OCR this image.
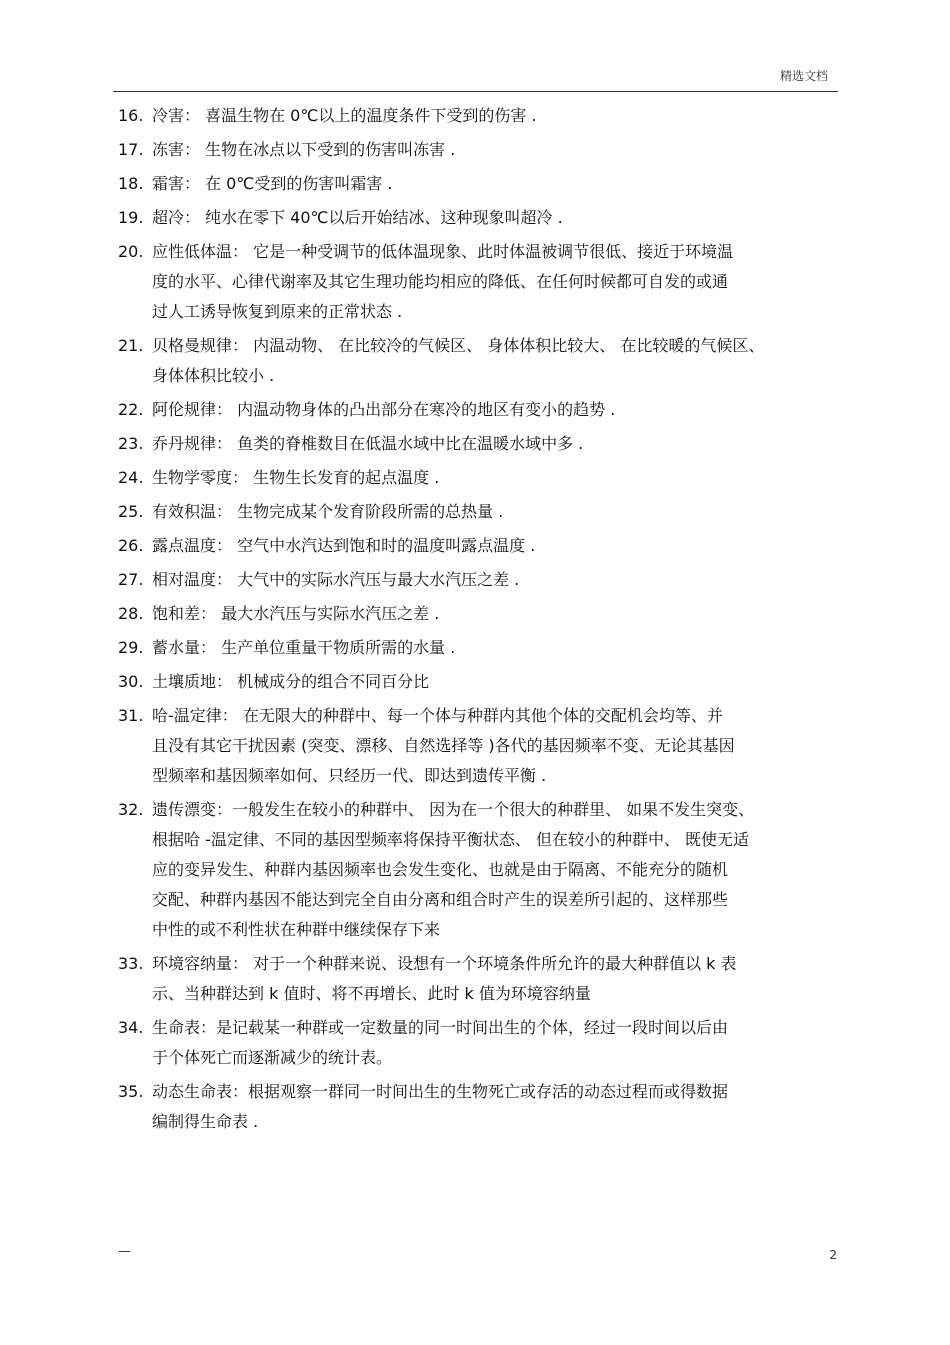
精选文档
16. 冷害： 喜温生物在 0℃以上的温度条件下受到的伤害 .
17. 冻害： 生物在冰点以下受到的伤害叫冻害 .
18. 霜害： 在 0℃受到的伤害叫霜害 .
19. 超冷： 纯水在零下 40℃以后开始结冰、这种现象叫超冷 .
20. 应性低体温： 它是一种受调节的低体温现象、此时体温被调节很低、接近于环境温
度的水平、心律代谢率及其它生理功能均相应的降低、在任何时候都可自发的或通
过人工诱导恢复到原来的正常状态 .
21. 贝格曼规律： 内温动物、 在比较冷的气候区、 身体体积比较大、 在比较暖的气候区、
身体体积比较小 .
22. 阿伦规律： 内温动物身体的凸出部分在寒冷的地区有变小的趋势 .
23. 乔丹规律： 鱼类的脊椎数目在低温水域中比在温暖水域中多 .
24. 生物学零度： 生物生长发育的起点温度 .
25. 有效积温： 生物完成某个发育阶段所需的总热量 .
26. 露点温度： 空气中水汽达到饱和时的温度叫露点温度 .
27. 相对温度： 大气中的实际水汽压与最大水汽压之差 .
28. 饱和差： 最大水汽压与实际水汽压之差 .
29. 蓄水量： 生产单位重量干物质所需的水量 .
30. 土壤质地： 机械成分的组合不同百分比
31. 哈-温定律： 在无限大的种群中、每一个体与种群内其他个体的交配机会均等、并
且没有其它干扰因素 (突变、漂移、自然选择等 )各代的基因频率不变、无论其基因
型频率和基因频率如何、只经历一代、即达到遗传平衡 .
32. 遗传漂变：一般发生在较小的种群中、 因为在一个很大的种群里、 如果不发生突变、
根据哈 -温定律、不同的基因型频率将保持平衡状态、 但在较小的种群中、 既使无适
应的变异发生、种群内基因频率也会发生变化、也就是由于隔离、不能充分的随机
交配、种群内基因不能达到完全自由分离和组合时产生的误差所引起的、这样那些
中性的或不利性状在种群中继续保存下来
33. 环境容纳量： 对于一个种群来说、设想有一个环境条件所允许的最大种群值以 k 表
示、当种群达到 k 值时、将不再增长、此时 k 值为环境容纳量
34. 生命表：是记载某一种群或一定数量的同一时间出生的个体，经过一段时间以后由
于个体死亡而逐渐减少的统计表。
35. 动态生命表：根据观察一群同一时间出生的生物死亡或存活的动态过程而或得数据
编制得生命表 .
—	2
